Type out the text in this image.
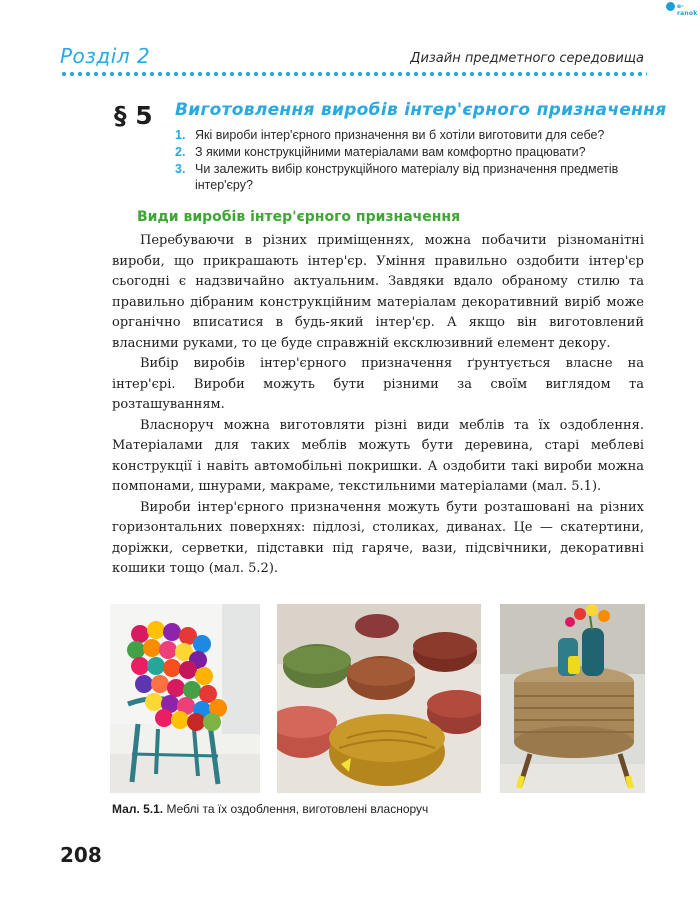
e-ranok
Розділ 2	Дизайн предметного середовища
§ 5 Виготовлення виробів інтер'єрного призначення
1. Які вироби інтер'єрного призначення ви б хотіли виготовити для себе?
2. З якими конструкційними матеріалами вам комфортно працювати?
3. Чи залежить вибір конструкційного матеріалу від призначення предметів інтер'єру?
Види виробів інтер'єрного призначення

Перебуваючи в різних приміщеннях, можна побачити різноманітні вироби, що прикрашають інтер'єр. Уміння правильно оздобити інтер'єр сьогодні є надзвичайно актуальним. Завдяки вдало обраному стилю та правильно дібраним конструкційним матеріалам декоративний виріб може органічно вписатися в будь-який інтер'єр. А якщо він виготовлений власними руками, то це буде справжній ексклюзивний елемент декору.

Вибір виробів інтер'єрного призначення ґрунтується власне на інтер'єрі. Вироби можуть бути різними за своїм виглядом та розташуванням.

Власноруч можна виготовляти різні види меблів та їх оздоблення. Матеріалами для таких меблів можуть бути деревина, старі меблеві конструкції і навіть автомобільні покришки. А оздобити такі вироби можна помпонами, шнурами, макраме, текстильними матеріалами (мал. 5.1).

Вироби інтер'єрного призначення можуть бути розташовані на різних горизонтальних поверхнях: підлозі, столиках, диванах. Це — скатертини, доріжки, серветки, підставки під гаряче, вази, підсвічники, декоративні кошики тощо (мал. 5.2).

Мал. 5.1. Меблі та їх оздоблення, виготовлені власноруч
208
